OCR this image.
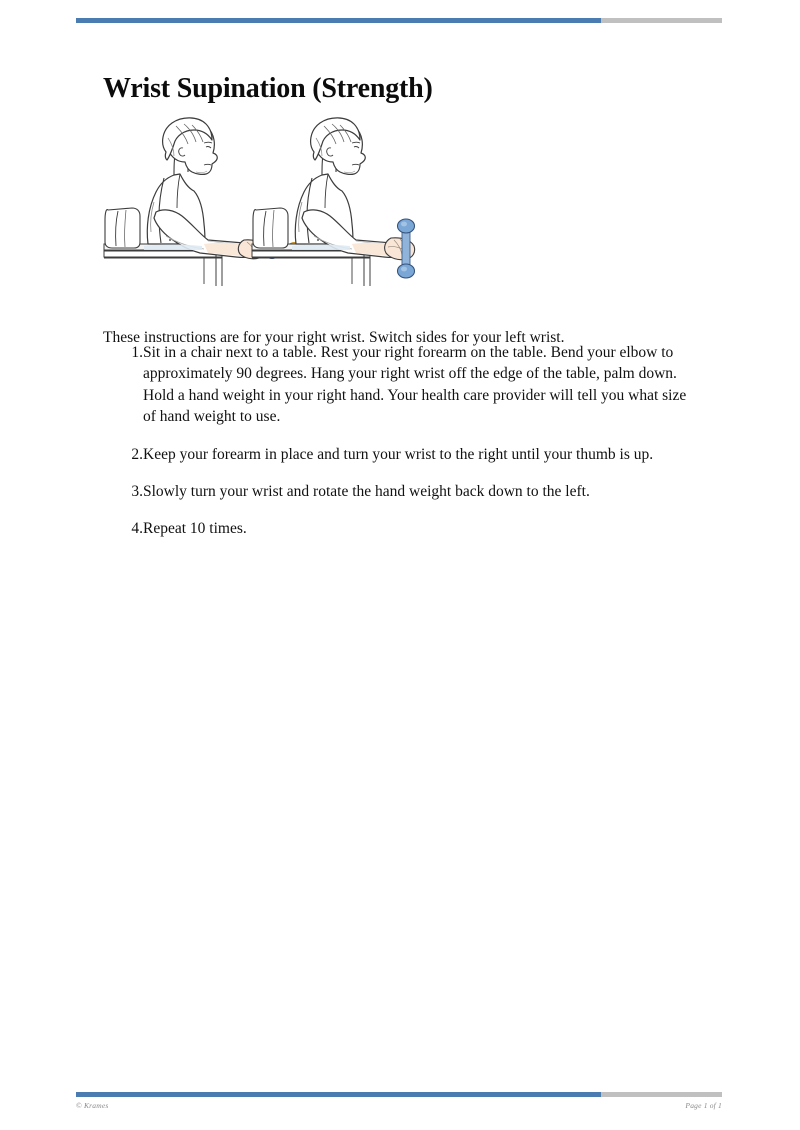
Wrist Supination (Strength)

These instructions are for your right wrist. Switch sides for your left wrist.

1. Sit in a chair next to a table. Rest your right forearm on the table. Bend your elbow to approximately 90 degrees. Hang your right wrist off the edge of the table, palm down. Hold a hand weight in your right hand. Your health care provider will tell you what size of hand weight to use.
2. Keep your forearm in place and turn your wrist to the right until your thumb is up.
3. Slowly turn your wrist and rotate the hand weight back down to the left.
4. Repeat 10 times.
© Krames	Page 1 of 1
